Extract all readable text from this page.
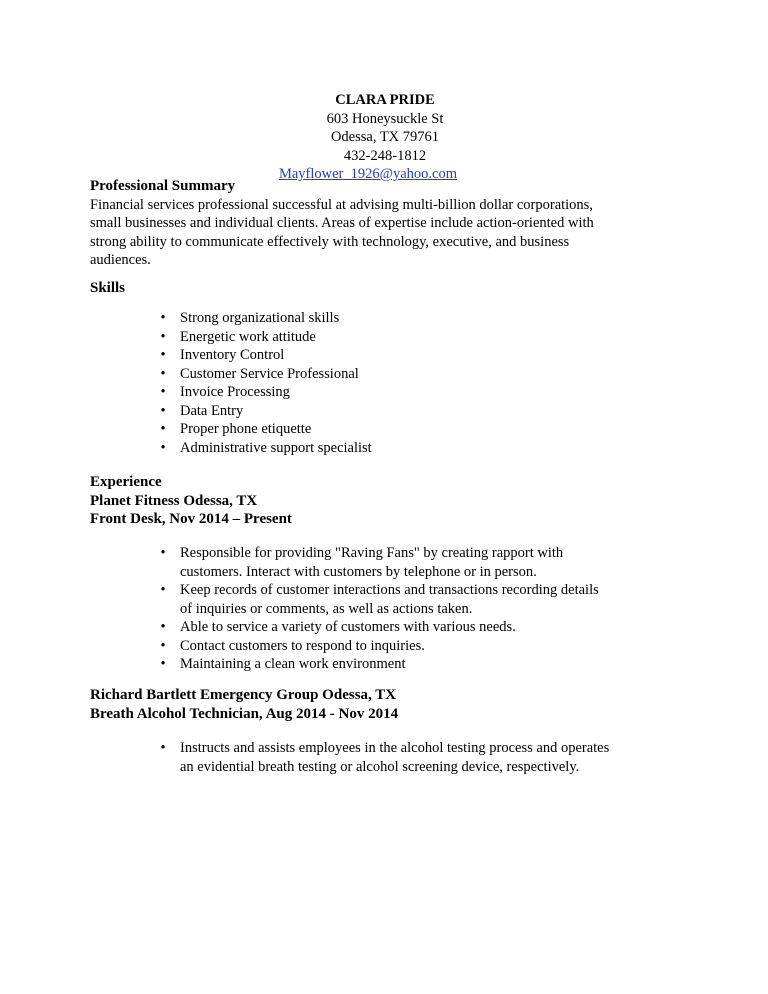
CLARA PRIDE
603 Honeysuckle St
Odessa, TX 79761
432-248-1812
Mayflower_1926@yahoo.com
Professional Summary
Financial services professional successful at advising multi-billion dollar corporations,
small businesses and individual clients. Areas of expertise include action-oriented with
strong ability to communicate effectively with technology, executive, and business
audiences.
Skills
• Strong organizational skills
• Energetic work attitude
• Inventory Control
• Customer Service Professional
• Invoice Processing
• Data Entry
• Proper phone etiquette
• Administrative support specialist
Experience
Planet Fitness Odessa, TX
Front Desk, Nov 2014 – Present
• Responsible for providing "Raving Fans" by creating rapport with
customers. Interact with customers by telephone or in person.
• Keep records of customer interactions and transactions recording details
of inquiries or comments, as well as actions taken.
• Able to service a variety of customers with various needs.
• Contact customers to respond to inquiries.
• Maintaining a clean work environment
Richard Bartlett Emergency Group Odessa, TX
Breath Alcohol Technician, Aug 2014 - Nov 2014
• Instructs and assists employees in the alcohol testing process and operates
an evidential breath testing or alcohol screening device, respectively.
